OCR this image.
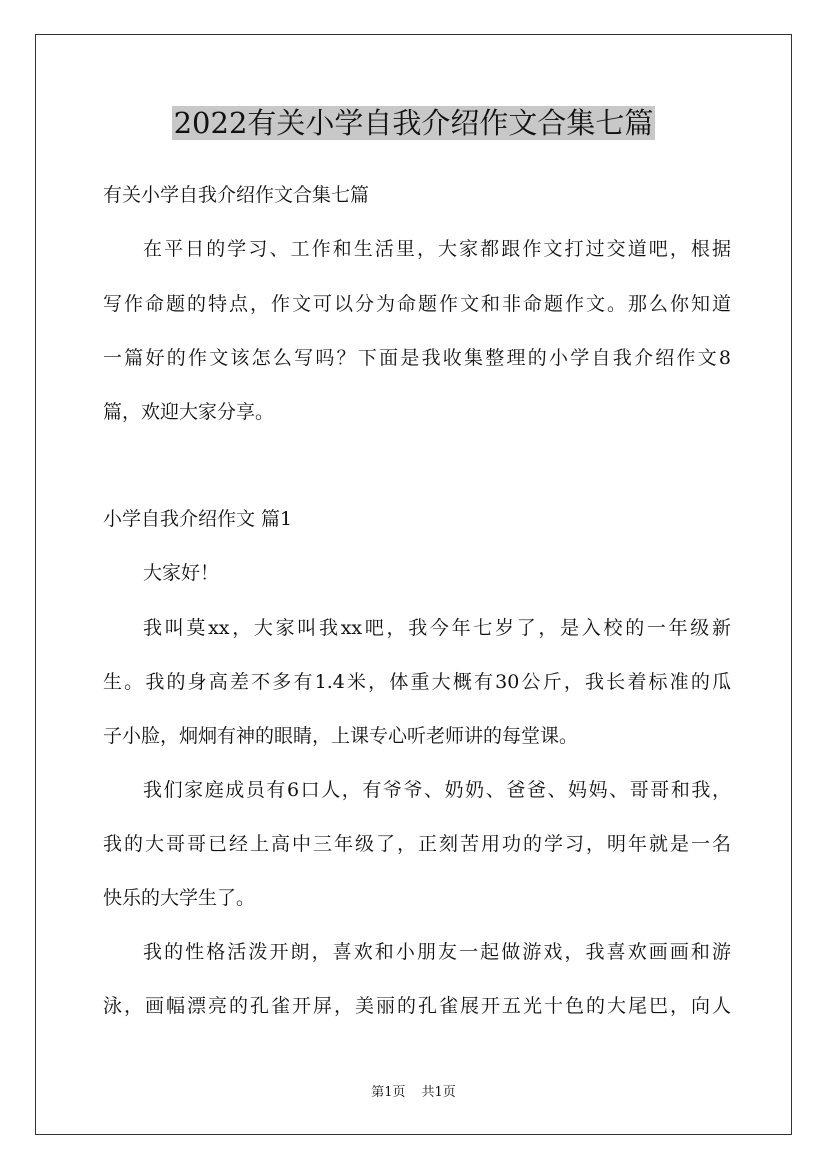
2022有关小学自我介绍作文合集七篇
有关小学自我介绍作文合集七篇
在平日的学习、工作和生活里，大家都跟作文打过交道吧，根据
写作命题的特点，作文可以分为命题作文和非命题作文。那么你知道
一篇好的作文该怎么写吗？下面是我收集整理的小学自我介绍作文8
篇，欢迎大家分享。
小学自我介绍作文 篇1
大家好！
我叫莫xx，大家叫我xx吧，我今年七岁了，是入校的一年级新
生。我的身高差不多有1.4米，体重大概有30公斤，我长着标准的瓜
子小脸，炯炯有神的眼睛，上课专心听老师讲的每堂课。
我们家庭成员有6口人，有爷爷、奶奶、爸爸、妈妈、哥哥和我，
我的大哥哥已经上高中三年级了，正刻苦用功的学习，明年就是一名
快乐的大学生了。
我的性格活泼开朗，喜欢和小朋友一起做游戏，我喜欢画画和游
泳，画幅漂亮的孔雀开屏，美丽的孔雀展开五光十色的大尾巴，向人
第1页 共1页
